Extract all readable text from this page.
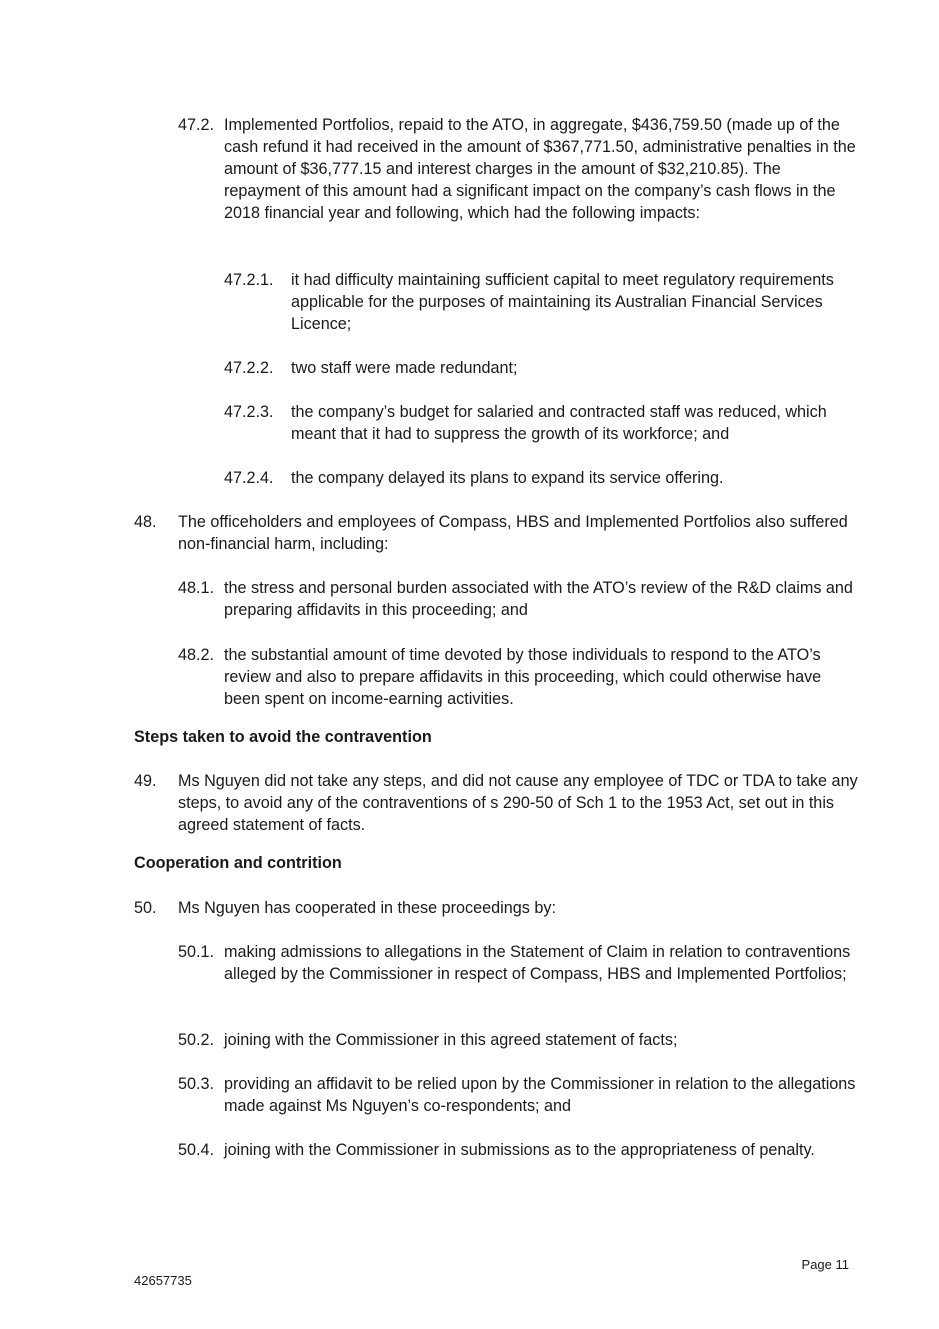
47.2. Implemented Portfolios, repaid to the ATO, in aggregate, $436,759.50 (made up of the cash refund it had received in the amount of $367,771.50, administrative penalties in the amount of $36,777.15 and interest charges in the amount of $32,210.85). The repayment of this amount had a significant impact on the company’s cash flows in the 2018 financial year and following, which had the following impacts:
47.2.1.	it had difficulty maintaining sufficient capital to meet regulatory requirements applicable for the purposes of maintaining its Australian Financial Services Licence;
47.2.2.	two staff were made redundant;
47.2.3.	the company’s budget for salaried and contracted staff was reduced, which meant that it had to suppress the growth of its workforce; and
47.2.4.	the company delayed its plans to expand its service offering.
48.	The officeholders and employees of Compass, HBS and Implemented Portfolios also suffered non-financial harm, including:
48.1. the stress and personal burden associated with the ATO’s review of the R&D claims and preparing affidavits in this proceeding; and
48.2. the substantial amount of time devoted by those individuals to respond to the ATO’s review and also to prepare affidavits in this proceeding, which could otherwise have been spent on income-earning activities.
Steps taken to avoid the contravention
49.	Ms Nguyen did not take any steps, and did not cause any employee of TDC or TDA to take any steps, to avoid any of the contraventions of s 290-50 of Sch 1 to the 1953 Act, set out in this agreed statement of facts.
Cooperation and contrition
50.	Ms Nguyen has cooperated in these proceedings by:
50.1. making admissions to allegations in the Statement of Claim in relation to contraventions alleged by the Commissioner in respect of Compass, HBS and Implemented Portfolios;
50.2. joining with the Commissioner in this agreed statement of facts;
50.3. providing an affidavit to be relied upon by the Commissioner in relation to the allegations made against Ms Nguyen’s co-respondents; and
50.4. joining with the Commissioner in submissions as to the appropriateness of penalty.
Page 11
42657735
